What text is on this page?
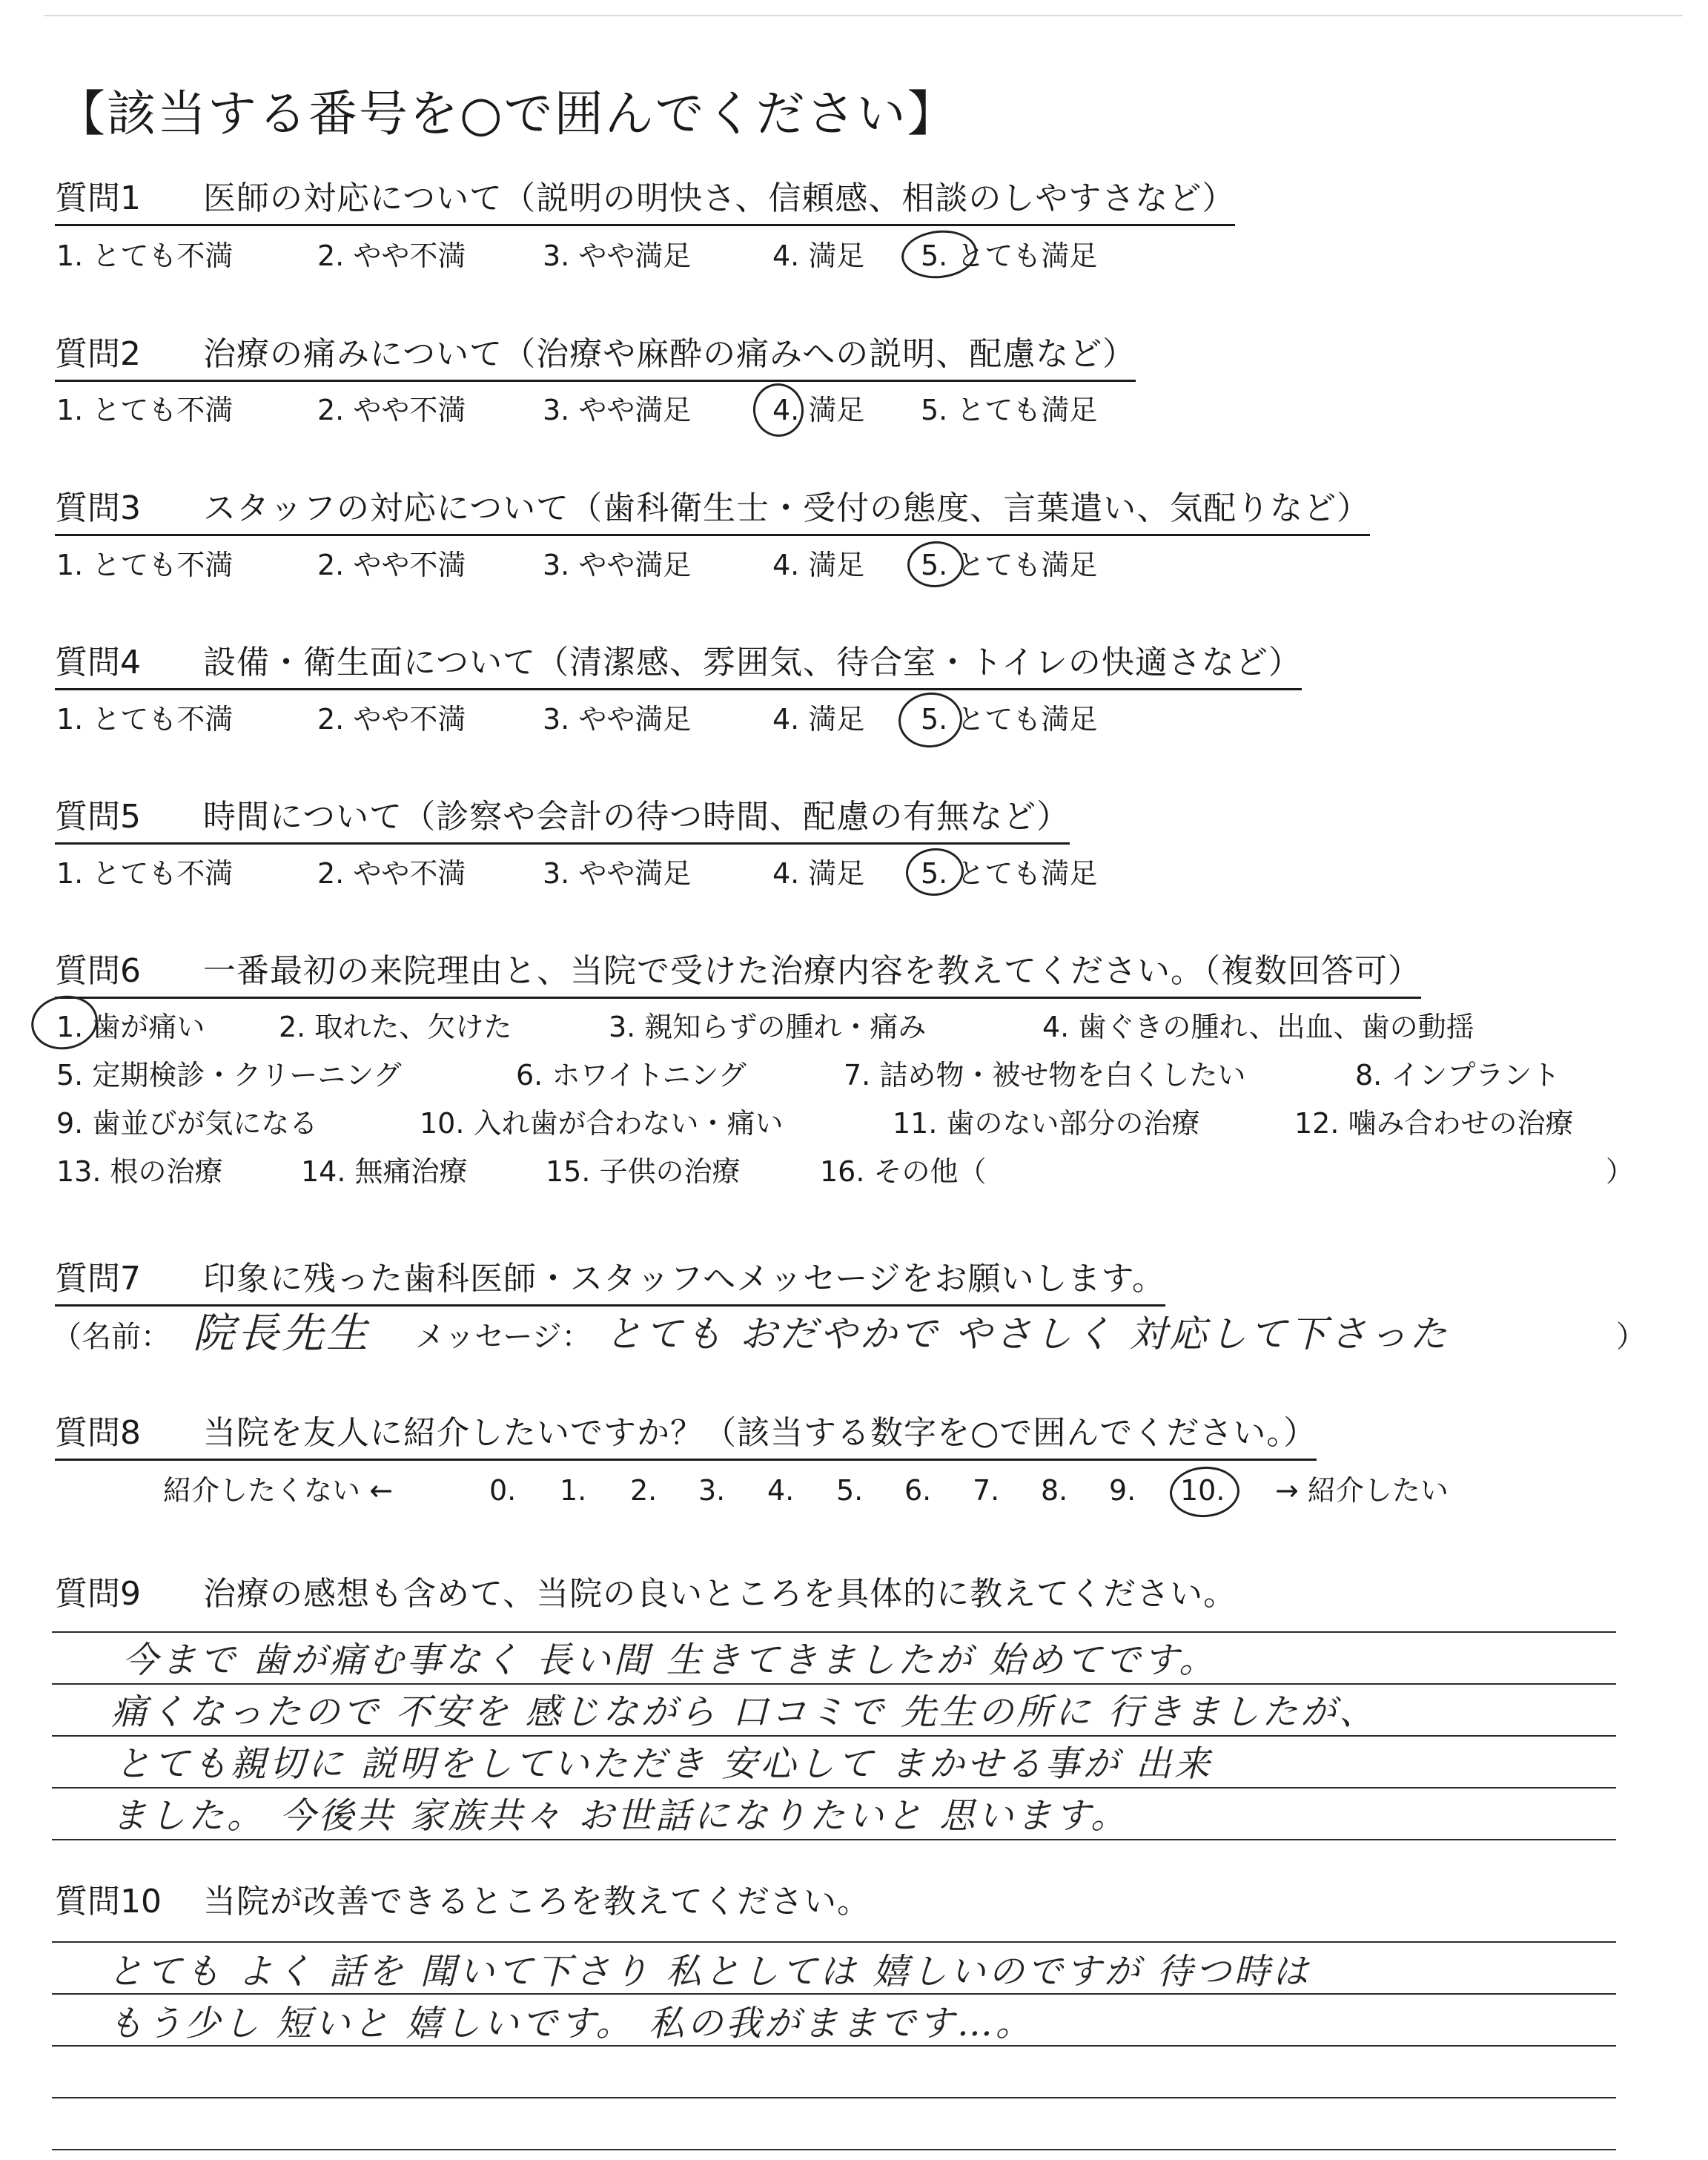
【該当する番号を○で囲んでください】
質問1 医師の対応について（説明の明快さ、信頼感、相談のしやすさなど）
1. とても不満	2. やや不満	3. やや満足	4. 満足 5. とても満足
質問2 治療の痛みについて（治療や麻酔の痛みへの説明、配慮など）
1. とても不満	2. やや不満	3. やや満足	4. 満足 5. とても満足
質問3 スタッフの対応について（歯科衛生士・受付の態度、言葉遣い、気配りなど）
1. とても不満	2. やや不満	3. やや満足	4. 満足 5. とても満足
質問4 設備・衛生面について（清潔感、雰囲気、待合室・トイレの快適さなど）
1. とても不満	2. やや不満	3. やや満足	4. 満足 5. とても満足
質問5 時間について（診察や会計の待つ時間、配慮の有無など）
1. とても不満	2. やや不満	3. やや満足	4. 満足 5. とても満足
質問6 一番最初の来院理由と、当院で受けた治療内容を教えてください。（複数回答可）
1. 歯が痛い	2. 取れた、欠けた	3. 親知らずの腫れ・痛み	4. 歯ぐきの腫れ、出血、歯の動揺
5. 定期検診・クリーニング	6. ホワイトニング	7. 詰め物・被せ物を白くしたい	8. インプラント
9. 歯並びが気になる	10. 入れ歯が合わない・痛い	11. 歯のない部分の治療	12. 噛み合わせの治療
13. 根の治療	14. 無痛治療	15. 子供の治療	16. その他（	）
質問7 印象に残った歯科医師・スタッフへメッセージをお願いします。
（名前： 院長先生 メッセージ： とても おだやかで やさしく 対応して下さった	）
質問8 当院を友人に紹介したいですか？（該当する数字を○で囲んでください。）
紹介したくない ←	0. 1. 2. 3. 4. 5. 6. 7. 8. 9. 10. → 紹介したい
質問9 治療の感想も含めて、当院の良いところを具体的に教えてください。
今まで 歯が痛む事なく 長い間 生きてきましたが 始めてです。
痛くなったので 不安を 感じながら 口コミで 先生の所に 行きましたが、
とても親切に 説明をしていただき 安心して まかせる事が 出来
ました。 今後共 家族共々 お世話になりたいと 思います。
質問10 当院が改善できるところを教えてください。
とても よく 話を 聞いて下さり 私としては 嬉しいのですが 待つ時は
もう少し 短いと 嬉しいです。 私の我がままです…。
